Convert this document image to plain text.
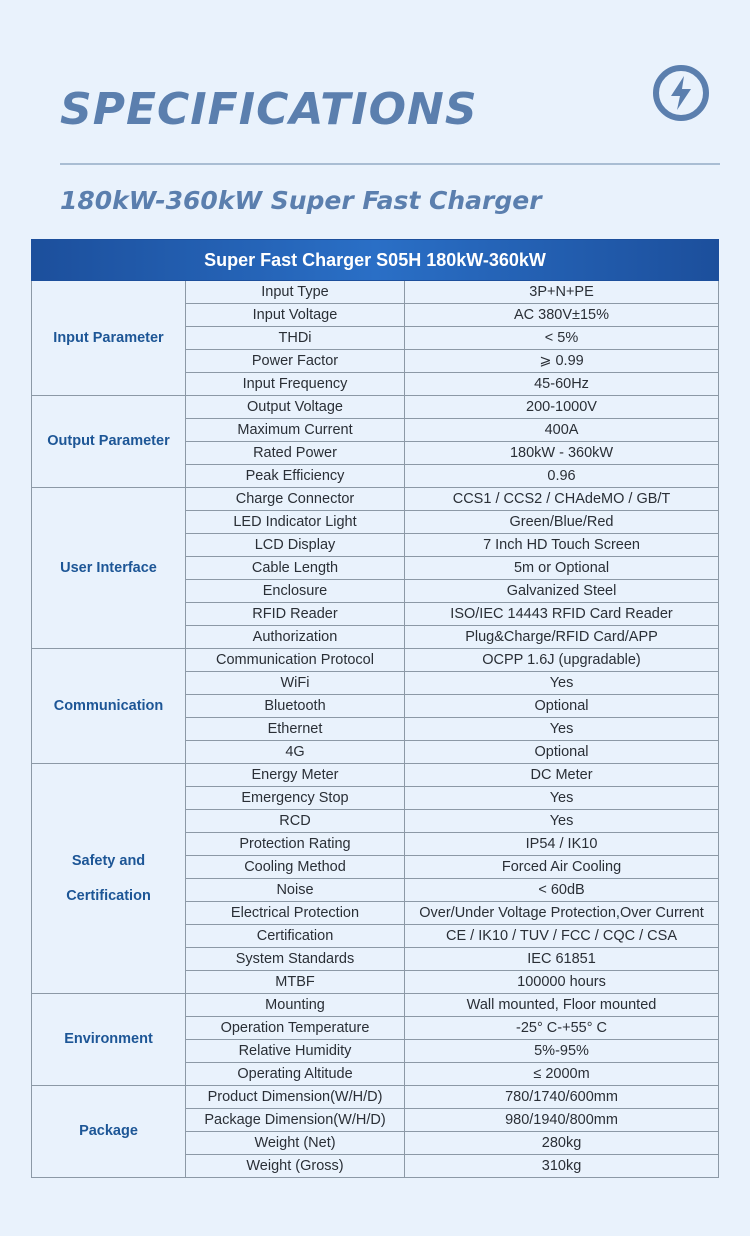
SPECIFICATIONS
180kW-360kW Super Fast Charger
Super Fast Charger S05H 180kW-360kW		
Input Parameter	Input Type	3P+N+PE
	Input Voltage	AC 380V±15%
	THDi	< 5%
	Power Factor	⩾ 0.99
	Input Frequency	45-60Hz
Output Parameter	Output Voltage	200-1000V
	Maximum Current	400A
	Rated Power	180kW - 360kW
	Peak Efficiency	0.96
User Interface	Charge Connector	CCS1 / CCS2 / CHAdeMO / GB/T
	LED Indicator Light	Green/Blue/Red
	LCD Display	7 Inch HD Touch Screen
	Cable Length	5m or Optional
	Enclosure	Galvanized Steel
	RFID Reader	ISO/IEC 14443 RFID Card Reader
	Authorization	Plug&Charge/RFID Card/APP
Communication	Communication Protocol	OCPP 1.6J (upgradable)
	WiFi	Yes
	Bluetooth	Optional
	Ethernet	Yes
	4G	Optional
Safety and Certification	Energy Meter	DC Meter
	Emergency Stop	Yes
	RCD	Yes
	Protection Rating	IP54 / IK10
	Cooling Method	Forced Air Cooling
	Noise	< 60dB
	Electrical Protection	Over/Under Voltage Protection,Over Current
	Certification	CE / IK10 / TUV / FCC / CQC / CSA
	System Standards	IEC 61851
	MTBF	100000 hours
Environment	Mounting	Wall mounted, Floor mounted
	Operation Temperature	-25° C-+55° C
	Relative Humidity	5%-95%
	Operating Altitude	≤ 2000m
Package	Product Dimension(W/H/D)	780/1740/600mm
	Package Dimension(W/H/D)	980/1940/800mm
	Weight (Net)	280kg
	Weight (Gross)	310kg
